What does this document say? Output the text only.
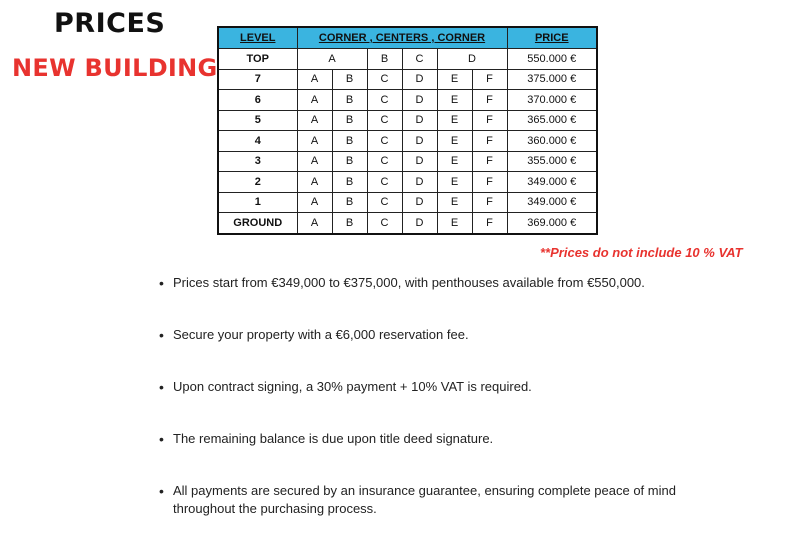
PRICES
NEW BUILDING
LEVEL	CORNER , CENTERS , CORNER						PRICE
TOP	A		B	C	D		550.000 €
7	A	B	C	D	E	F	375.000 €
6	A	B	C	D	E	F	370.000 €
5	A	B	C	D	E	F	365.000 €
4	A	B	C	D	E	F	360.000 €
3	A	B	C	D	E	F	355.000 €
2	A	B	C	D	E	F	349.000 €
1	A	B	C	D	E	F	349.000 €
GROUND	A	B	C	D	E	F	369.000 €
**Prices do not include 10 % VAT
• Prices start from €349,000 to €375,000, with penthouses available from €550,000.
• Secure your property with a €6,000 reservation fee.
• Upon contract signing, a 30% payment + 10% VAT is required.
• The remaining balance is due upon title deed signature.
• All payments are secured by an insurance guarantee, ensuring complete peace of mind throughout the purchasing process.
